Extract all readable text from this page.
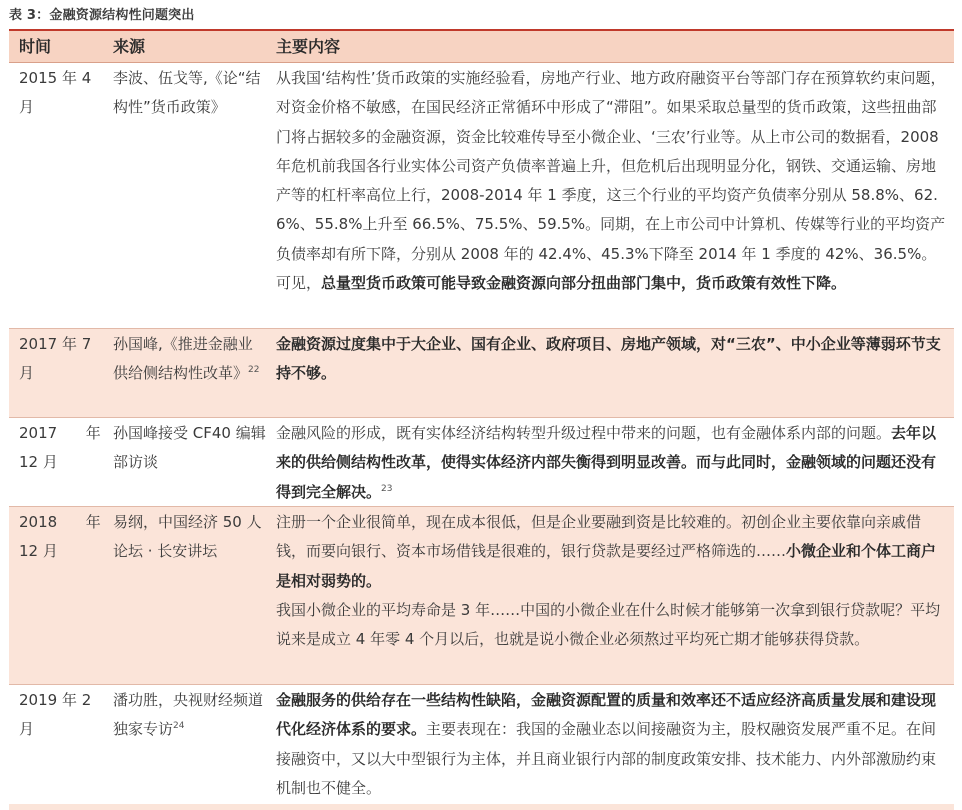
表 3：金融资源结构性问题突出
时间	来源	主要内容
2015 年 4 月
李波、伍戈等,《论“结构性”货币政策》
从我国‘结构性’货币政策的实施经验看，房地产行业、地方政府融资平台等部门存在预算软约束问题，对资金价格不敏感，在国民经济正常循环中形成了“滞阻”。如果采取总量型的货币政策，这些扭曲部门将占据较多的金融资源，资金比较难传导至小微企业、‘三农’行业等。从上市公司的数据看，2008 年危机前我国各行业实体公司资产负债率普遍上升，但危机后出现明显分化，钢铁、交通运输、房地产等的杠杆率高位上行，2008-2014 年 1 季度，这三个行业的平均资产负债率分别从 58.8%、62.6%、55.8%上升至 66.5%、75.5%、59.5%。同期，在上市公司中计算机、传媒等行业的平均资产负债率却有所下降，分别从 2008 年的 42.4%、45.3%下降至 2014 年 1 季度的 42%、36.5%。可见，总量型货币政策可能导致金融资源向部分扭曲部门集中，货币政策有效性下降。
2017 年 7 月
孙国峰,《推进金融业供给侧结构性改革》$^{22}$
金融资源过度集中于大企业、国有企业、政府项目、房地产领域，对“三农”、中小企业等薄弱环节支持不够。
2017      年 12 月
孙国峰接受 CF40 编辑部访谈
金融风险的形成，既有实体经济结构转型升级过程中带来的问题，也有金融体系内部的问题。去年以来的供给侧结构性改革，使得实体经济内部失衡得到明显改善。而与此同时，金融领域的问题还没有得到完全解决。$^{23}$
2018      年 12 月
易纲，中国经济 50 人论坛 · 长安讲坛
注册一个企业很简单，现在成本很低，但是企业要融到资是比较难的。初创企业主要依靠向亲戚借钱，而要向银行、资本市场借钱是很难的，银行贷款是要经过严格筛选的……小微企业和个体工商户是相对弱势的。
我国小微企业的平均寿命是 3 年……中国的小微企业在什么时候才能够第一次拿到银行贷款呢？平均说来是成立 4 年零 4 个月以后，也就是说小微企业必须熬过平均死亡期才能够获得贷款。
2019 年 2 月
潘功胜，央视财经频道独家专访$^{24}$
金融服务的供给存在一些结构性缺陷，金融资源配置的质量和效率还不适应经济高质量发展和建设现代化经济体系的要求。主要表现在：我国的金融业态以间接融资为主，股权融资发展严重不足。在间接融资中，又以大中型银行为主体，并且商业银行内部的制度政策安排、技术能力、内外部激励约束机制也不健全。
